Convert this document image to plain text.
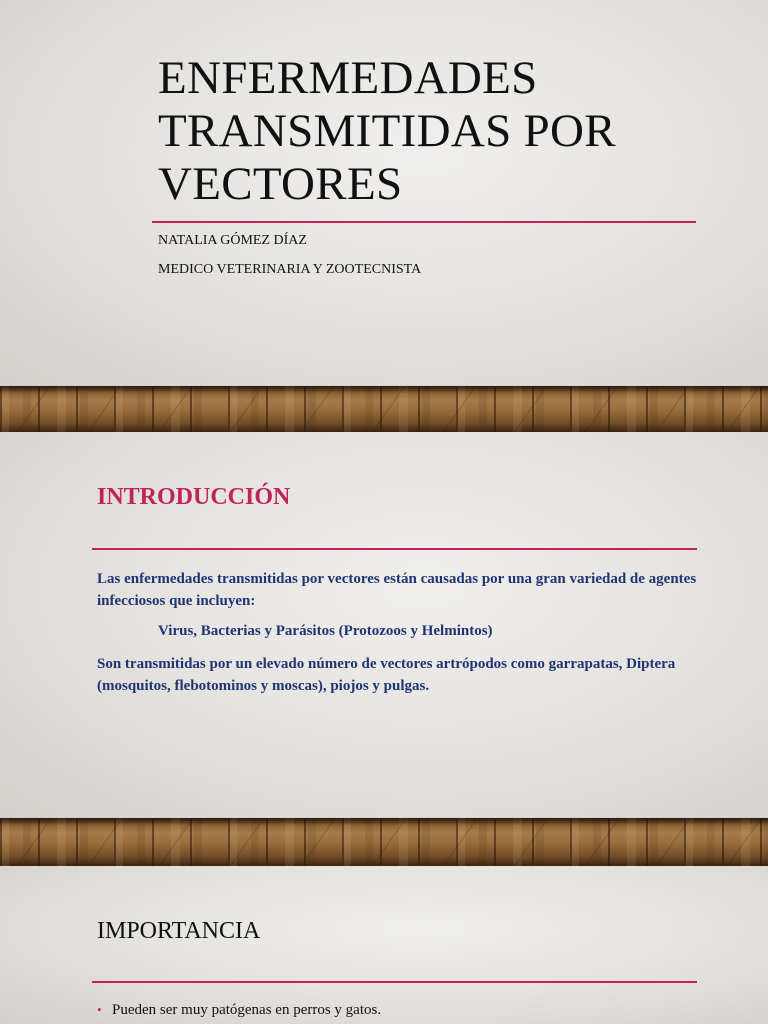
ENFERMEDADES TRANSMITIDAS POR VECTORES

NATALIA GÓMEZ DÍAZ

MEDICO VETERINARIA Y ZOOTECNISTA

INTRODUCCIÓN

Las enfermedades transmitidas por vectores están causadas por una gran variedad de agentes infecciosos que incluyen:

Virus, Bacterias y Parásitos (Protozoos y Helmintos)

Son transmitidas por un elevado número de vectores artrópodos como garrapatas, Diptera (mosquitos, flebotominos y moscas), piojos y pulgas.

IMPORTANCIA
• Pueden ser muy patógenas en perros y gatos.
